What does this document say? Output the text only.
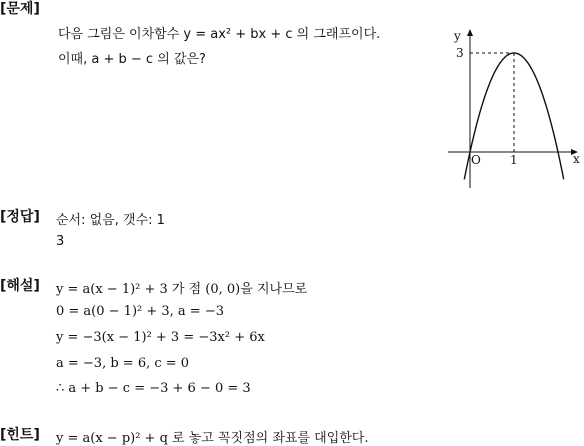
[문제]
다음 그림은 이차함수 y = ax² + bx + c 의 그래프이다.
이때, a + b − c 의 값은?
y
x
O 1
3
[정답] 순서: 없음, 갯수: 1
3
[해설] y = a(x − 1)² + 3 가 점 (0, 0)을 지나므로
0 = a(0 − 1)² + 3, a = −3
y = −3(x − 1)² + 3 = −3x² + 6x
a = −3, b = 6, c = 0
∴ a + b − c = −3 + 6 − 0 = 3
[힌트] y = a(x − p)² + q 로 놓고 꼭짓점의 좌표를 대입한다.
